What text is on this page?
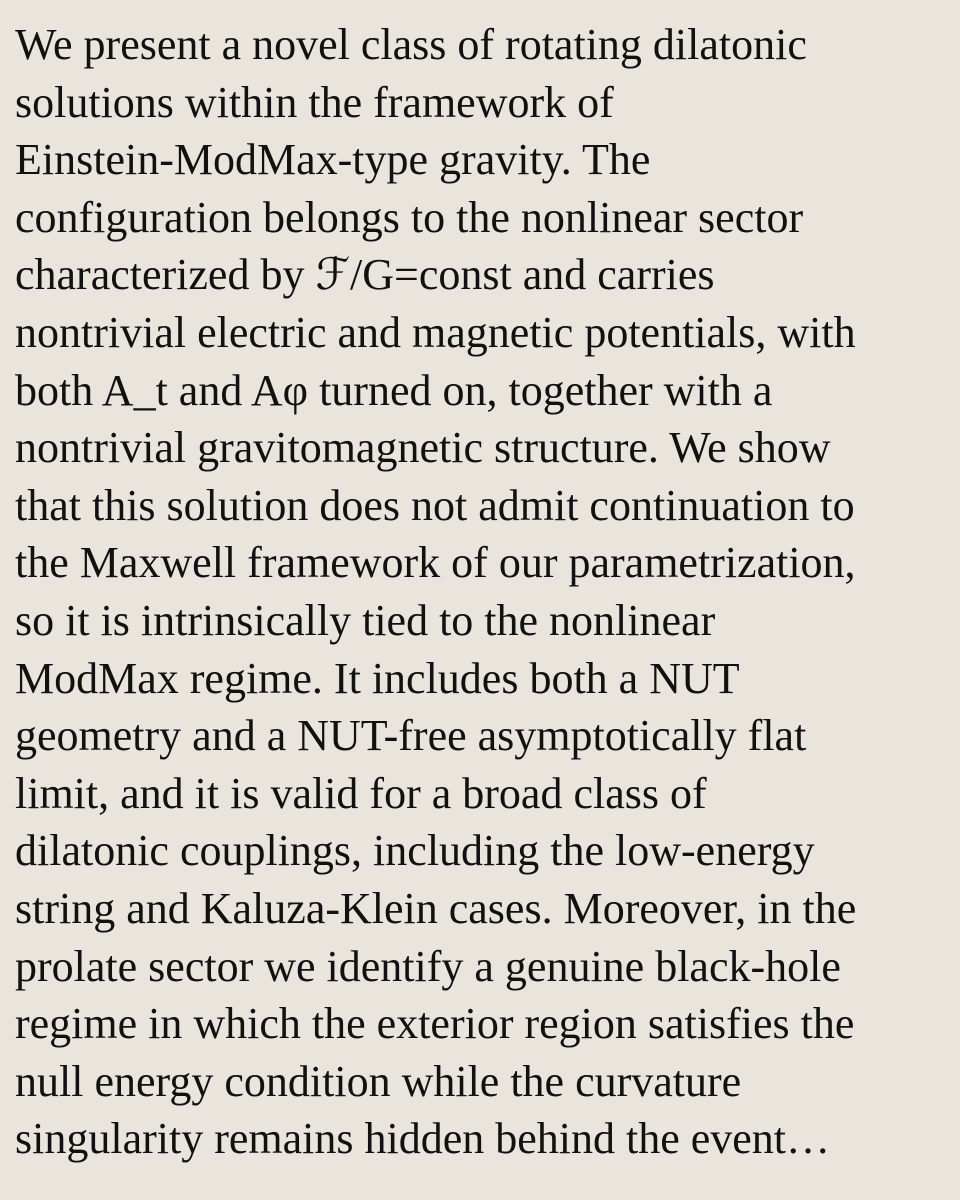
We present a novel class of rotating dilatonic
solutions within the framework of
Einstein-ModMax-type gravity. The
configuration belongs to the nonlinear sector
characterized by ℱ/G=const and carries
nontrivial electric and magnetic potentials, with
both A_t and Aφ turned on, together with a
nontrivial gravitomagnetic structure. We show
that this solution does not admit continuation to
the Maxwell framework of our parametrization,
so it is intrinsically tied to the nonlinear
ModMax regime. It includes both a NUT
geometry and a NUT-free asymptotically flat
limit, and it is valid for a broad class of
dilatonic couplings, including the low-energy
string and Kaluza-Klein cases. Moreover, in the
prolate sector we identify a genuine black-hole
regime in which the exterior region satisfies the
null energy condition while the curvature
singularity remains hidden behind the event…
